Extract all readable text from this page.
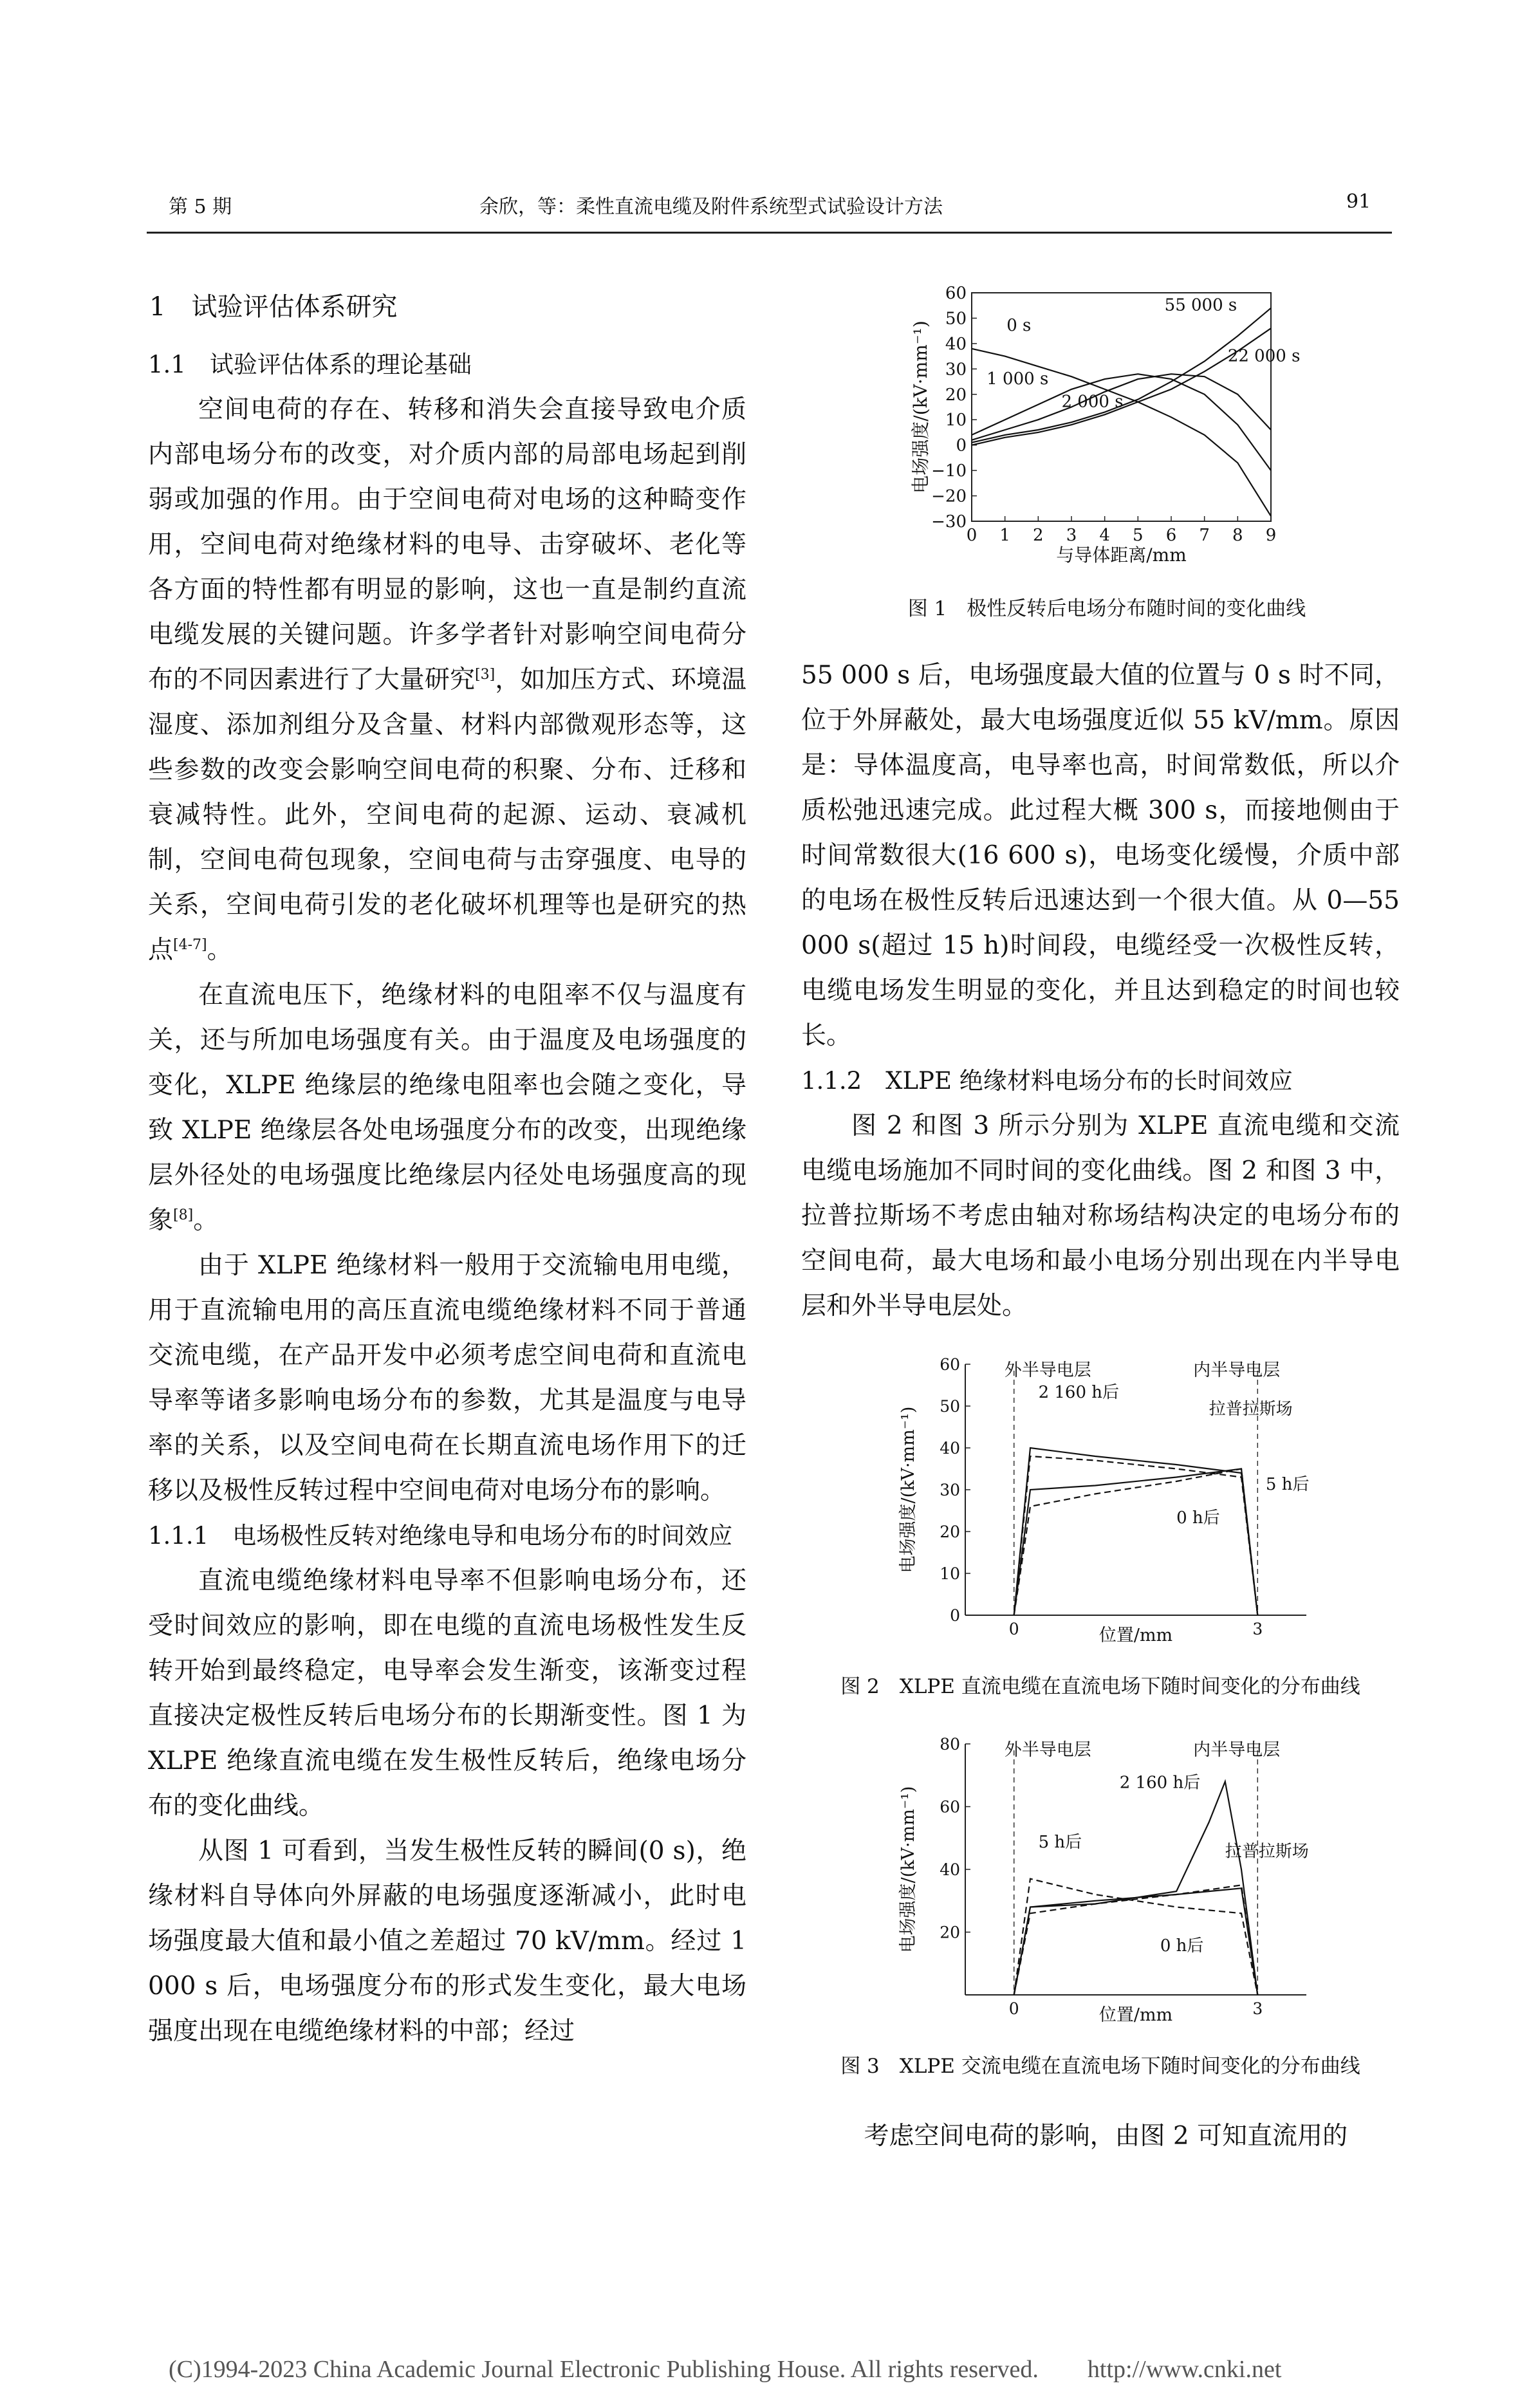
第 5 期	余欣，等：柔性直流电缆及附件系统型式试验设计方法	91

1　试验评估体系研究

1.1　试验评估体系的理论基础

空间电荷的存在、转移和消失会直接导致电介质内部电场分布的改变，对介质内部的局部电场起到削弱或加强的作用。由于空间电荷对电场的这种畸变作用，空间电荷对绝缘材料的电导、击穿破坏、老化等各方面的特性都有明显的影响，这也一直是制约直流电缆发展的关键问题。许多学者针对影响空间电荷分布的不同因素进行了大量研究[3]，如加压方式、环境温湿度、添加剂组分及含量、材料内部微观形态等，这些参数的改变会影响空间电荷的积聚、分布、迁移和衰减特性。此外，空间电荷的起源、运动、衰减机制，空间电荷包现象，空间电荷与击穿强度、电导的关系，空间电荷引发的老化破坏机理等也是研究的热点[4-7]。

在直流电压下，绝缘材料的电阻率不仅与温度有关，还与所加电场强度有关。由于温度及电场强度的变化，XLPE 绝缘层的绝缘电阻率也会随之变化，导致 XLPE 绝缘层各处电场强度分布的改变，出现绝缘层外径处的电场强度比绝缘层内径处电场强度高的现象[8]。

由于 XLPE 绝缘材料一般用于交流输电用电缆，用于直流输电用的高压直流电缆绝缘材料不同于普通交流电缆，在产品开发中必须考虑空间电荷和直流电导率等诸多影响电场分布的参数，尤其是温度与电导率的关系，以及空间电荷在长期直流电场作用下的迁移以及极性反转过程中空间电荷对电场分布的影响。

1.1.1　电场极性反转对绝缘电导和电场分布的时间效应

直流电缆绝缘材料电导率不但影响电场分布，还受时间效应的影响，即在电缆的直流电场极性发生反转开始到最终稳定，电导率会发生渐变，该渐变过程直接决定极性反转后电场分布的长期渐变性。图 1 为 XLPE 绝缘直流电缆在发生极性反转后，绝缘电场分布的变化曲线。

从图 1 可看到，当发生极性反转的瞬间(0 s)，绝缘材料自导体向外屏蔽的电场强度逐渐减小，此时电场强度最大值和最小值之差超过 70 kV/mm。经过 1 000 s 后，电场强度分布的形式发生变化，最大电场强度出现在电缆绝缘材料的中部；经过

60
50
40
30
20
10
0
−10
−20
−30
0 1 2 3 4 5 6 7 8 9
与导体距离/mm
电场强度/(kV·mm⁻¹)	0 s
1 000 s
2 000 s
22 000 s
55 000 s
图 1　极性反转后电场分布随时间的变化曲线

55 000 s 后，电场强度最大值的位置与 0 s 时不同，位于外屏蔽处，最大电场强度近似 55 kV/mm。原因是：导体温度高，电导率也高，时间常数低，所以介质松弛迅速完成。此过程大概 300 s，而接地侧由于时间常数很大(16 600 s)，电场变化缓慢，介质中部的电场在极性反转后迅速达到一个很大值。从 0—55 000 s(超过 15 h)时间段，电缆经受一次极性反转，电缆电场发生明显的变化，并且达到稳定的时间也较长。

1.1.2　XLPE 绝缘材料电场分布的长时间效应

图 2 和图 3 所示分别为 XLPE 直流电缆和交流电缆电场施加不同时间的变化曲线。图 2 和图 3 中，拉普拉斯场不考虑由轴对称场结构决定的电场分布的空间电荷，最大电场和最小电场分别出现在内半导电层和外半导电层处。

60
50
40
30
20
10
0
0	3
位置/mm
电场强度/(kV·mm⁻¹)
外半导电层	内半导电层
2 160 h后
拉普拉斯场
0 h后
5 h后
图 2　XLPE 直流电缆在直流电场下随时间变化的分布曲线
80
60
40
20
0	3
位置/mm
电场强度/(kV·mm⁻¹)
外半导电层	内半导电层
2 160 h后
5 h后	拉普拉斯场
0 h后
图 3　XLPE 交流电缆在直流电场下随时间变化的分布曲线

考虑空间电荷的影响，由图 2 可知直流用的

(C)1994-2023 China Academic Journal Electronic Publishing House. All rights reserved.　　http://www.cnki.net
